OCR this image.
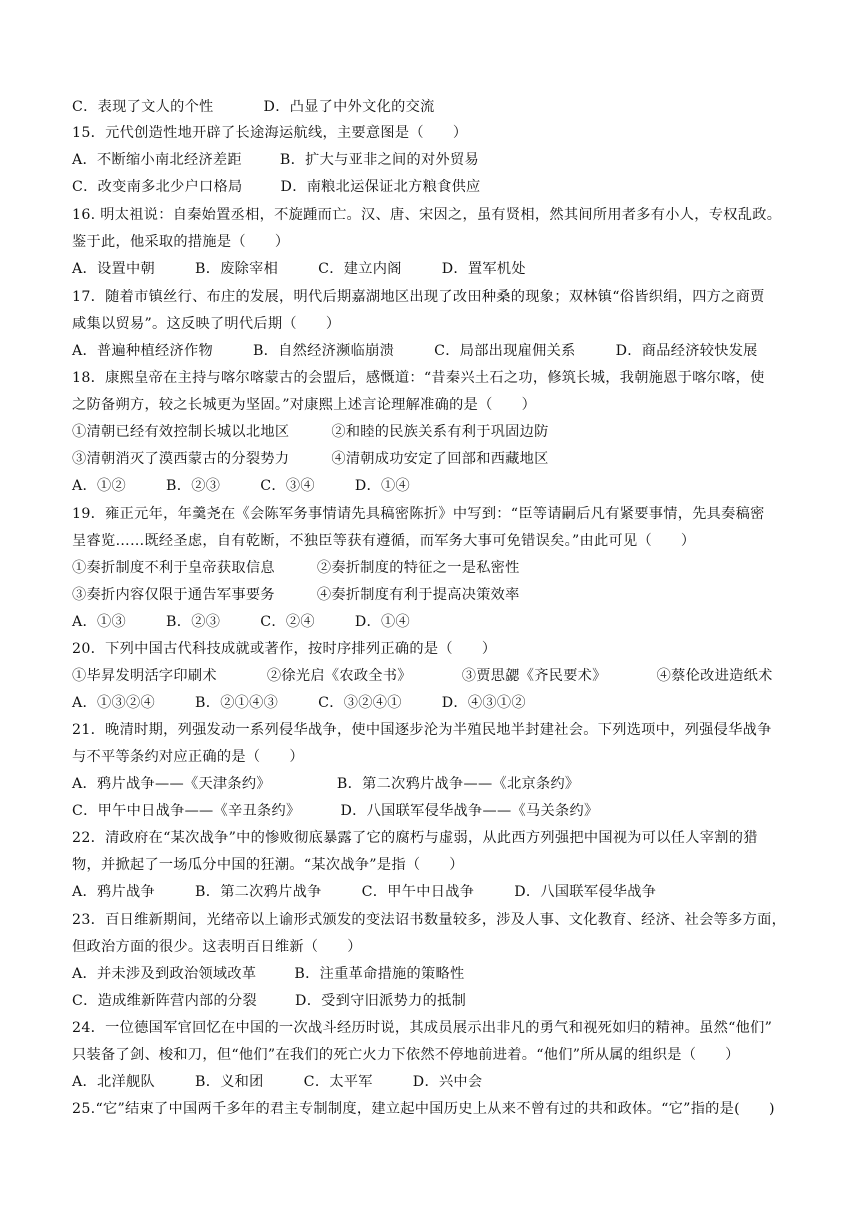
C．表现了文人的个性	D．凸显了中外文化的交流
15．元代创造性地开辟了长途海运航线，主要意图是（　　）
A．不断缩小南北经济差距	B．扩大与亚非之间的对外贸易
C．改变南多北少户口格局	D．南粮北运保证北方粮食供应
16. 明太祖说：自秦始置丞相，不旋踵而亡。汉、唐、宋因之，虽有贤相，然其间所用者多有小人，专权乱政。
鉴于此，他采取的措施是（　　）
A．设置中朝	B．废除宰相	C．建立内阁	D．置军机处
17．随着市镇丝行、布庄的发展，明代后期嘉湖地区出现了改田种桑的现象；双林镇“俗皆织绢，四方之商贾
咸集以贸易”。这反映了明代后期（　　）
A．普遍种植经济作物	B．自然经济濒临崩溃	C．局部出现雇佣关系	D．商品经济较快发展
18．康熙皇帝在主持与喀尔喀蒙古的会盟后，感慨道：“昔秦兴土石之功，修筑长城，我朝施恩于喀尔喀，使
之防备朔方，较之长城更为坚固。”对康熙上述言论理解准确的是（　　）
①清朝已经有效控制长城以北地区	②和睦的民族关系有利于巩固边防
③清朝消灭了漠西蒙古的分裂势力	④清朝成功安定了回部和西藏地区
A．①②	B．②③	C．③④	D．①④
19．雍正元年，年羹尧在《会陈军务事情请先具稿密陈折》中写到：“臣等请嗣后凡有紧要事情，先具奏稿密
呈睿览……既经圣虑，自有乾断，不独臣等获有遵循，而军务大事可免错误矣。”由此可见（　　）
①奏折制度不利于皇帝获取信息	②奏折制度的特征之一是私密性
③奏折内容仅限于通告军事要务	④奏折制度有利于提高决策效率
A．①③	B．②③	C．②④	D．①④
20．下列中国古代科技成就或著作，按时序排列正确的是（　　）
①毕昇发明活字印刷术	②徐光启《农政全书》	③贾思勰《齐民要术》	④蔡伦改进造纸术
A．①③②④	B．②①④③	C．③②④①	D．④③①②
21．晚清时期，列强发动一系列侵华战争，使中国逐步沦为半殖民地半封建社会。下列选项中，列强侵华战争
与不平等条约对应正确的是（　　）
A．鸦片战争——《天津条约》	B．第二次鸦片战争——《北京条约》
C．甲午中日战争——《辛丑条约》	D．八国联军侵华战争——《马关条约》
22．清政府在“某次战争”中的惨败彻底暴露了它的腐朽与虚弱，从此西方列强把中国视为可以任人宰割的猎
物，并掀起了一场瓜分中国的狂潮。“某次战争”是指（　　）
A．鸦片战争	B．第二次鸦片战争	C．甲午中日战争	D．八国联军侵华战争
23．百日维新期间，光绪帝以上谕形式颁发的变法诏书数量较多，涉及人事、文化教育、经济、社会等多方面，
但政治方面的很少。这表明百日维新（　　）
A．并未涉及到政治领域改革	B．注重革命措施的策略性
C．造成维新阵营内部的分裂	D．受到守旧派势力的抵制
24．一位德国军官回忆在中国的一次战斗经历时说，其成员展示出非凡的勇气和视死如归的精神。虽然“他们”
只装备了剑、梭和刀，但“他们”在我们的死亡火力下依然不停地前进着。“他们”所从属的组织是（　　）
A．北洋舰队	B．义和团	C．太平军	D．兴中会
25.“它”结束了中国两千多年的君主专制制度，建立起中国历史上从来不曾有过的共和政体。“它”指的是(　　)
